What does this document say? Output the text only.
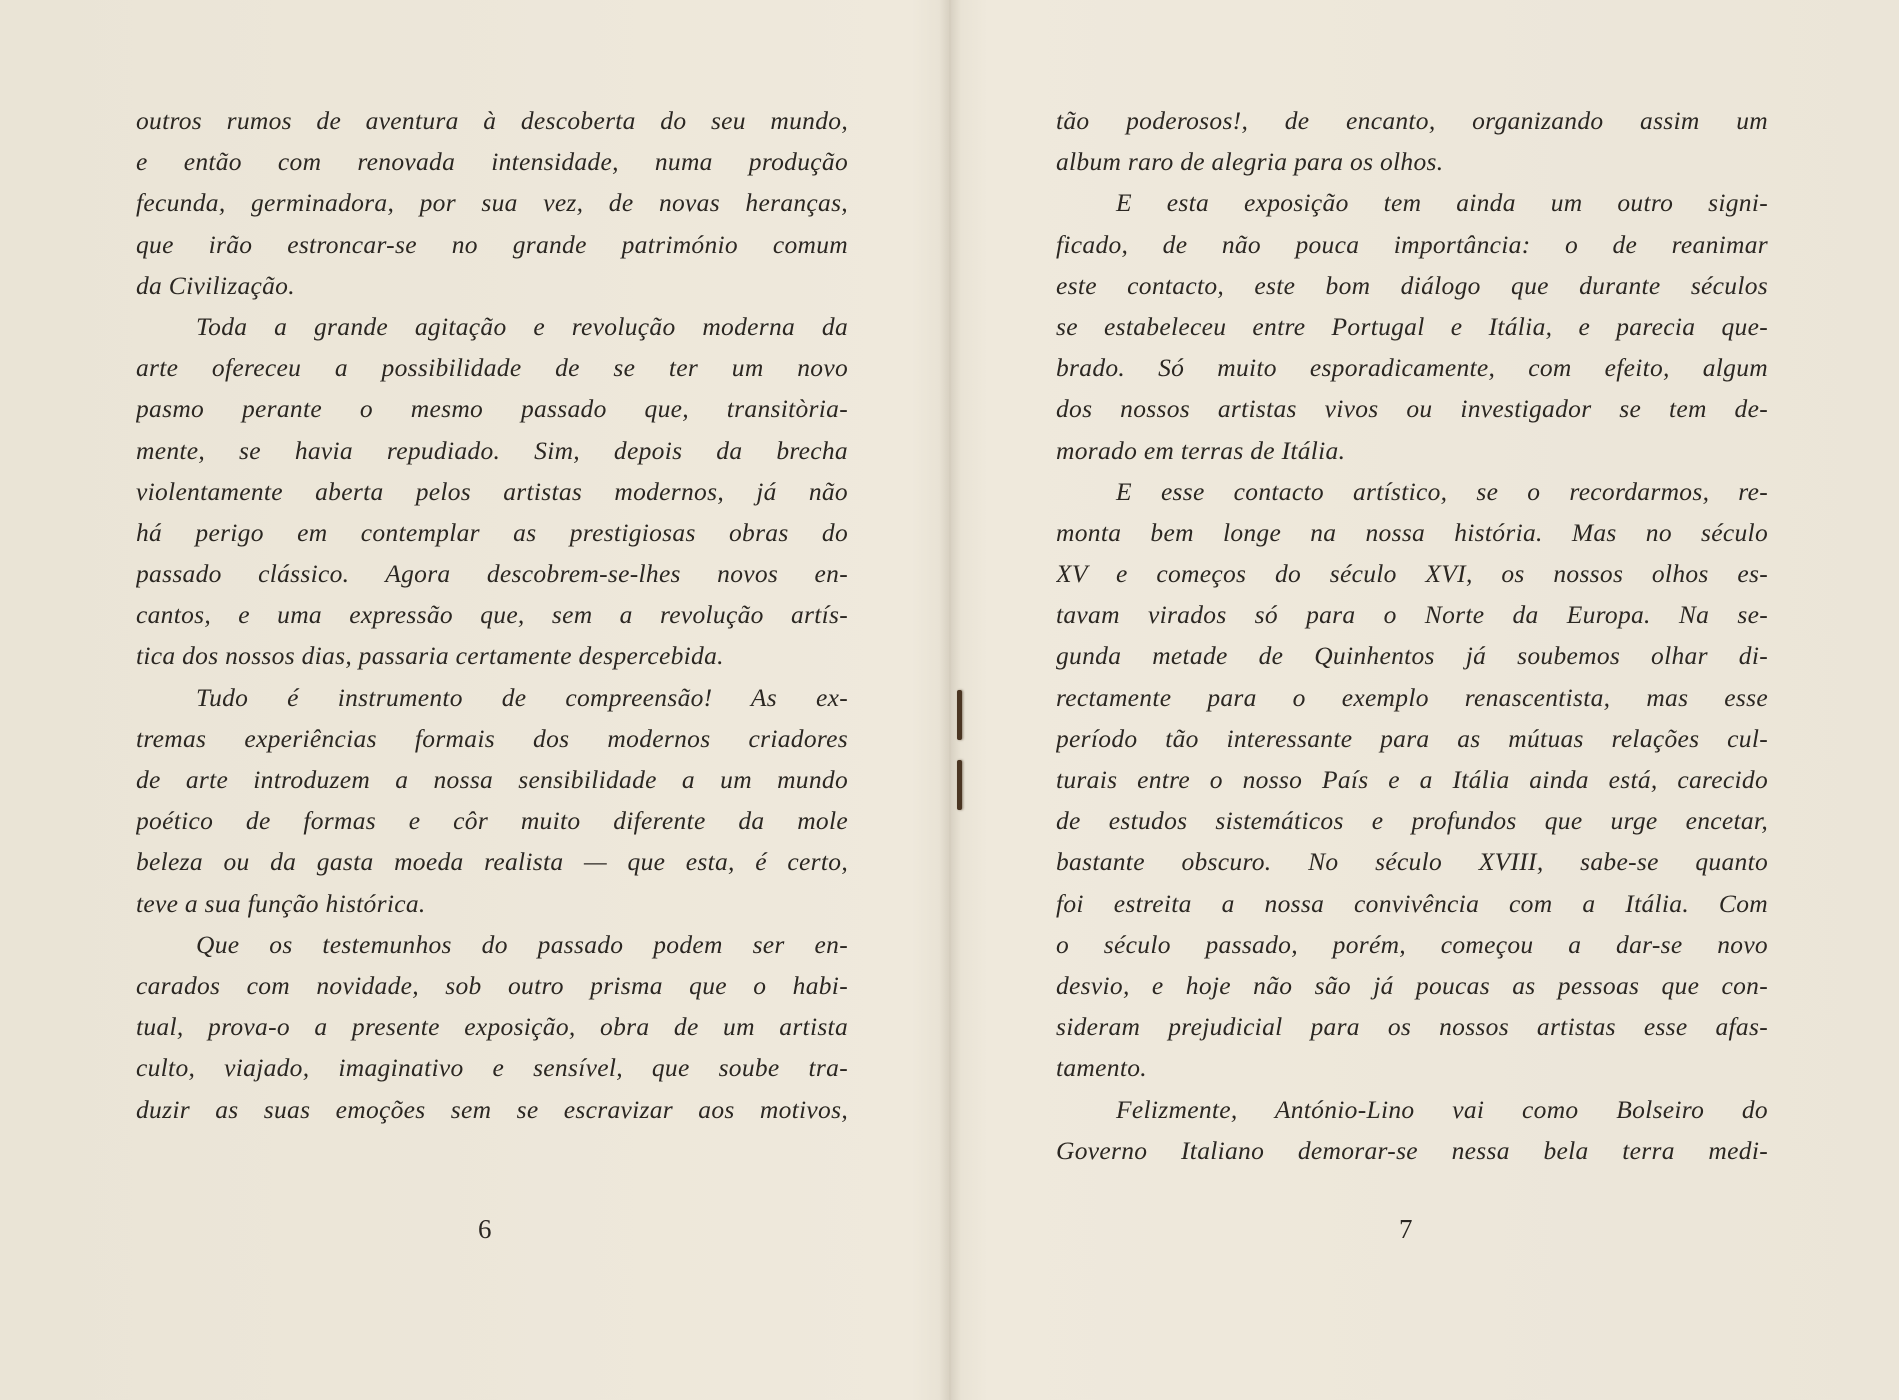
outros rumos de aventura à descoberta do seu mundo,
e então com renovada intensidade, numa produção
fecunda, germinadora, por sua vez, de novas heranças,
que irão estroncar-se no grande património comum
da Civilização.
Toda a grande agitação e revolução moderna da
arte ofereceu a possibilidade de se ter um novo
pasmo perante o mesmo passado que, transitòria-
mente, se havia repudiado. Sim, depois da brecha
violentamente aberta pelos artistas modernos, já não
há perigo em contemplar as prestigiosas obras do
passado clássico. Agora descobrem-se-lhes novos en-
cantos, e uma expressão que, sem a revolução artís-
tica dos nossos dias, passaria certamente despercebida.
Tudo é instrumento de compreensão! As ex-
tremas experiências formais dos modernos criadores
de arte introduzem a nossa sensibilidade a um mundo
poético de formas e côr muito diferente da mole
beleza ou da gasta moeda realista — que esta, é certo,
teve a sua função histórica.
Que os testemunhos do passado podem ser en-
carados com novidade, sob outro prisma que o habi-
tual, prova-o a presente exposição, obra de um artista
culto, viajado, imaginativo e sensível, que soube tra-
duzir as suas emoções sem se escravizar aos motivos,
6
tão poderosos!, de encanto, organizando assim um
album raro de alegria para os olhos.
E esta exposição tem ainda um outro signi-
ficado, de não pouca importância: o de reanimar
este contacto, este bom diálogo que durante séculos
se estabeleceu entre Portugal e Itália, e parecia que-
brado. Só muito esporadicamente, com efeito, algum
dos nossos artistas vivos ou investigador se tem de-
morado em terras de Itália.
E esse contacto artístico, se o recordarmos, re-
monta bem longe na nossa história. Mas no século
XV e começos do século XVI, os nossos olhos es-
tavam virados só para o Norte da Europa. Na se-
gunda metade de Quinhentos já soubemos olhar di-
rectamente para o exemplo renascentista, mas esse
período tão interessante para as mútuas relações cul-
turais entre o nosso País e a Itália ainda está, carecido
de estudos sistemáticos e profundos que urge encetar,
bastante obscuro. No século XVIII, sabe-se quanto
foi estreita a nossa convivência com a Itália. Com
o século passado, porém, começou a dar-se novo
desvio, e hoje não são já poucas as pessoas que con-
sideram prejudicial para os nossos artistas esse afas-
tamento.
Felizmente, António-Lino vai como Bolseiro do
Governo Italiano demorar-se nessa bela terra medi-
7
